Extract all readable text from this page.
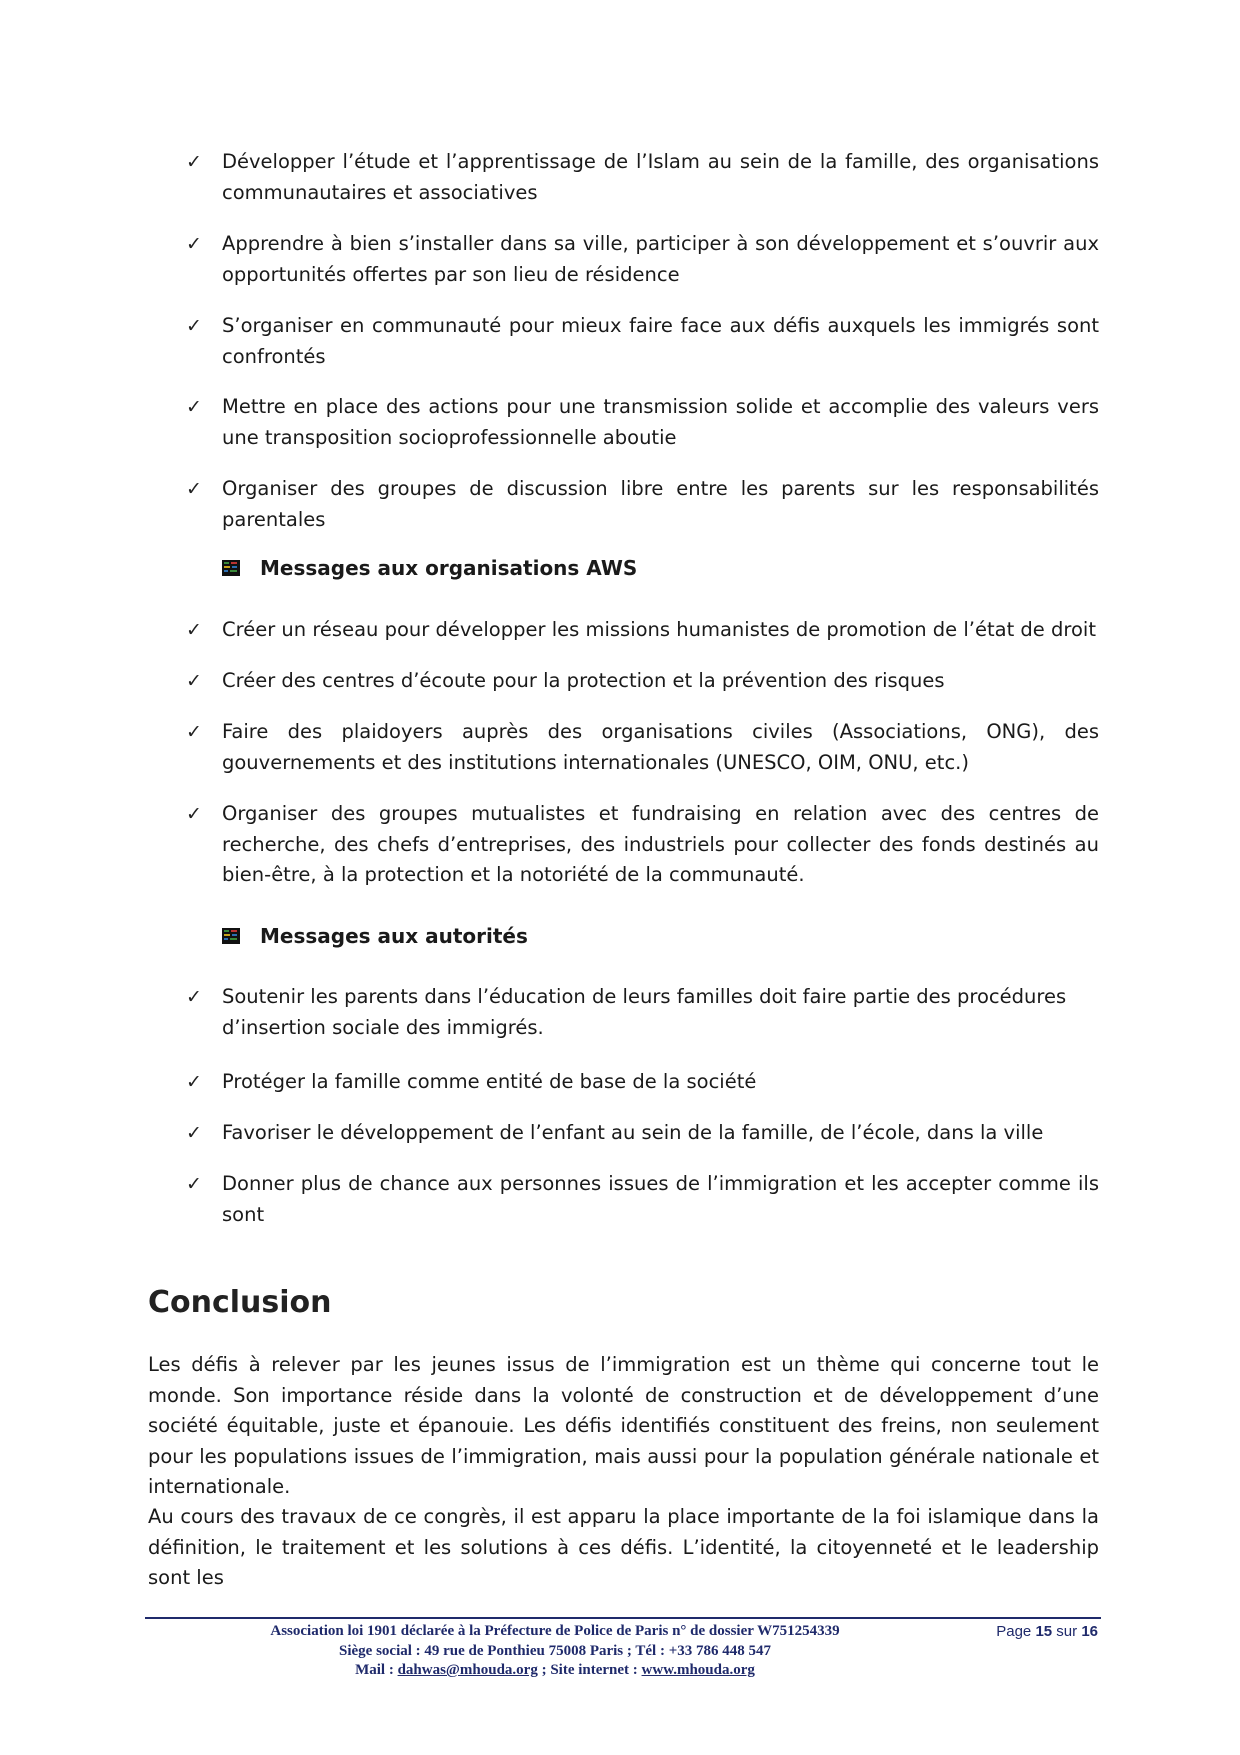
✓ Développer l’étude et l’apprentissage de l’Islam au sein de la famille, des organisations communautaires et associatives
✓ Apprendre à bien s’installer dans sa ville, participer à son développement et s’ouvrir aux opportunités offertes par son lieu de résidence
✓ S’organiser en communauté pour mieux faire face aux défis auxquels les immigrés sont confrontés
✓ Mettre en place des actions pour une transmission solide et accomplie des valeurs vers une transposition socioprofessionnelle aboutie
✓ Organiser des groupes de discussion libre entre les parents sur les responsabilités parentales
Messages aux organisations AWS
✓ Créer un réseau pour développer les missions humanistes de promotion de l’état de droit
✓ Créer des centres d’écoute pour la protection et la prévention des risques
✓ Faire des plaidoyers auprès des organisations civiles (Associations, ONG), des gouvernements et des institutions internationales (UNESCO, OIM, ONU, etc.)
✓ Organiser des groupes mutualistes et fundraising en relation avec des centres de recherche, des chefs d’entreprises, des industriels pour collecter des fonds destinés au bien-être, à la protection et la notoriété de la communauté.
Messages aux autorités
✓ Soutenir les parents dans l’éducation de leurs familles doit faire partie des procédures d’insertion sociale des immigrés.
✓ Protéger la famille comme entité de base de la société
✓ Favoriser le développement de l’enfant au sein de la famille, de l’école, dans la ville
✓ Donner plus de chance aux personnes issues de l’immigration et les accepter comme ils sont
Conclusion
Les défis à relever par les jeunes issus de l’immigration est un thème qui concerne tout le monde. Son importance réside dans la volonté de construction et de développement d’une société équitable, juste et épanouie. Les défis identifiés constituent des freins, non seulement pour les populations issues de l’immigration, mais aussi pour la population générale nationale et internationale.
Au cours des travaux de ce congrès, il est apparu la place importante de la foi islamique dans la définition, le traitement et les solutions à ces défis. L’identité, la citoyenneté et le leadership sont les
Association loi 1901 déclarée à la Préfecture de Police de Paris n° de dossier W751254339
Siège social : 49 rue de Ponthieu 75008 Paris ; Tél : +33 786 448 547
Mail : dahwas@mhouda.org ; Site internet : www.mhouda.org
Page 15 sur 16
